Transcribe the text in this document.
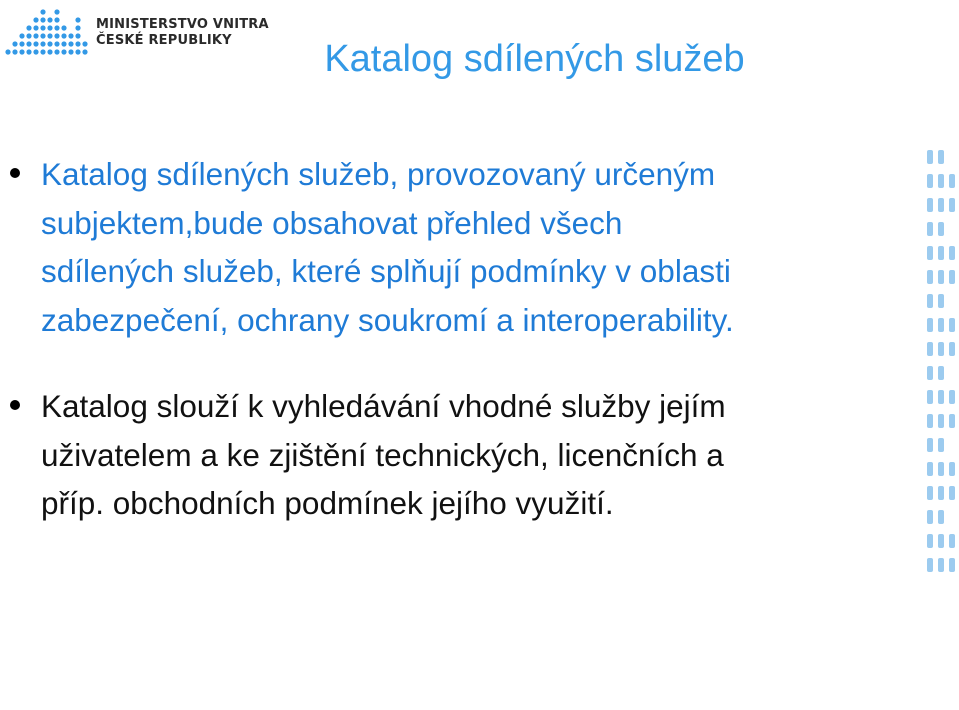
MINISTERSTVO VNITRA
ČESKÉ REPUBLIKY	Katalog sdílených služeb
Katalog sdílených služeb, provozovaný určeným
subjektem,bude obsahovat přehled všech
sdílených služeb, které splňují podmínky v oblasti
zabezpečení, ochrany soukromí a interoperability.
Katalog slouží k vyhledávání vhodné služby jejím
uživatelem a ke zjištění technických, licenčních a
příp. obchodních podmínek jejího využití.
